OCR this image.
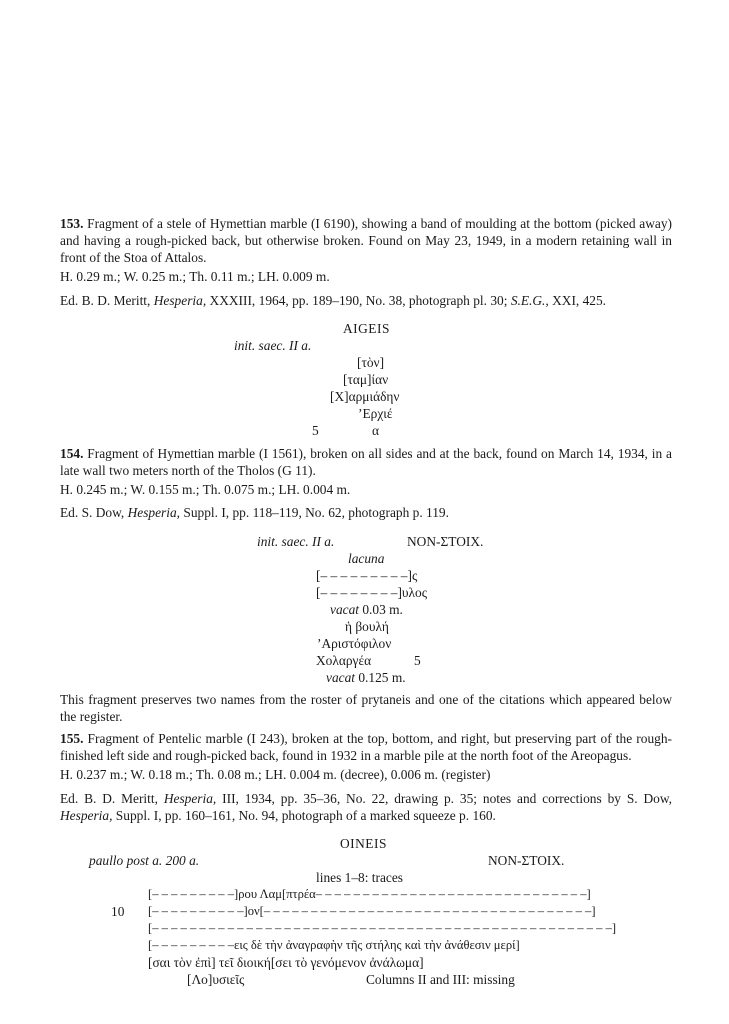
153. Fragment of a stele of Hymettian marble (I 6190), showing a band of moulding at the bottom (picked away) and having a rough-picked back, but otherwise broken. Found on May 23, 1949, in a modern retaining wall in front of the Stoa of Attalos.

H. 0.29 m.; W. 0.25 m.; Th. 0.11 m.; LH. 0.009 m.

Ed. B. D. Meritt, Hesperia, XXXIII, 1964, pp. 189–190, No. 38, photograph pl. 30; S.E.G., XXI, 425.

AIGEIS

init. saec. II a.

[τὸν]

[ταμ]ίαν

[Χ]αρμιάδην

’Ερχιέ

5	α

154. Fragment of Hymettian marble (I 1561), broken on all sides and at the back, found on March 14, 1934, in a late wall two meters north of the Tholos (G 11).

H. 0.245 m.; W. 0.155 m.; Th. 0.075 m.; LH. 0.004 m.

Ed. S. Dow, Hesperia, Suppl. I, pp. 118–119, No. 62, photograph p. 119.

init. saec. II a.	NON-ΣΤΟΙΧ.

lacuna

[– – – – – – – – –]ς

[– – – – – – – –]υλος

vacat 0.03 m.

ἡ βουλή

’Αριστόφιλον

Χολαργέα	5

vacat 0.125 m.

This fragment preserves two names from the roster of prytaneis and one of the citations which appeared below the register.

155. Fragment of Pentelic marble (I 243), broken at the top, bottom, and right, but preserving part of the rough-finished left side and rough-picked back, found in 1932 in a marble pile at the north foot of the Areopagus.

H. 0.237 m.; W. 0.18 m.; Th. 0.08 m.; LH. 0.004 m. (decree), 0.006 m. (register)

Ed. B. D. Meritt, Hesperia, III, 1934, pp. 35–36, No. 22, drawing p. 35; notes and corrections by S. Dow, Hesperia, Suppl. I, pp. 160–161, No. 94, photograph of a marked squeeze p. 160.

OINEIS

paullo post a. 200 a.	NON-ΣΤΟΙΧ.

lines 1–8: traces

[– – – – – – – – –]ρου Λαμ[πτρέα– – – – – – – – – – – – – – – – – – – – – – – – – – – – –]

10 [– – – – – – – – – –]ον[– – – – – – – – – – – – – – – – – – – – – – – – – – – – – – – – – – –]

[– – – – – – – – – – – – – – – – – – – – – – – – – – – – – – – – – – – – – – – – – – – – – – – – –]

[– – – – – – – – –εις δὲ τὴν ἀναγραφὴν τῆς στήλης καὶ τὴν ἀνάθεσιν μερί]

[σαι τὸν ἐπὶ] τεῖ διοική[σει τὸ γενόμενον ἀνάλωμα]

[Λο]υσιεῖς	Columns II and III: missing
